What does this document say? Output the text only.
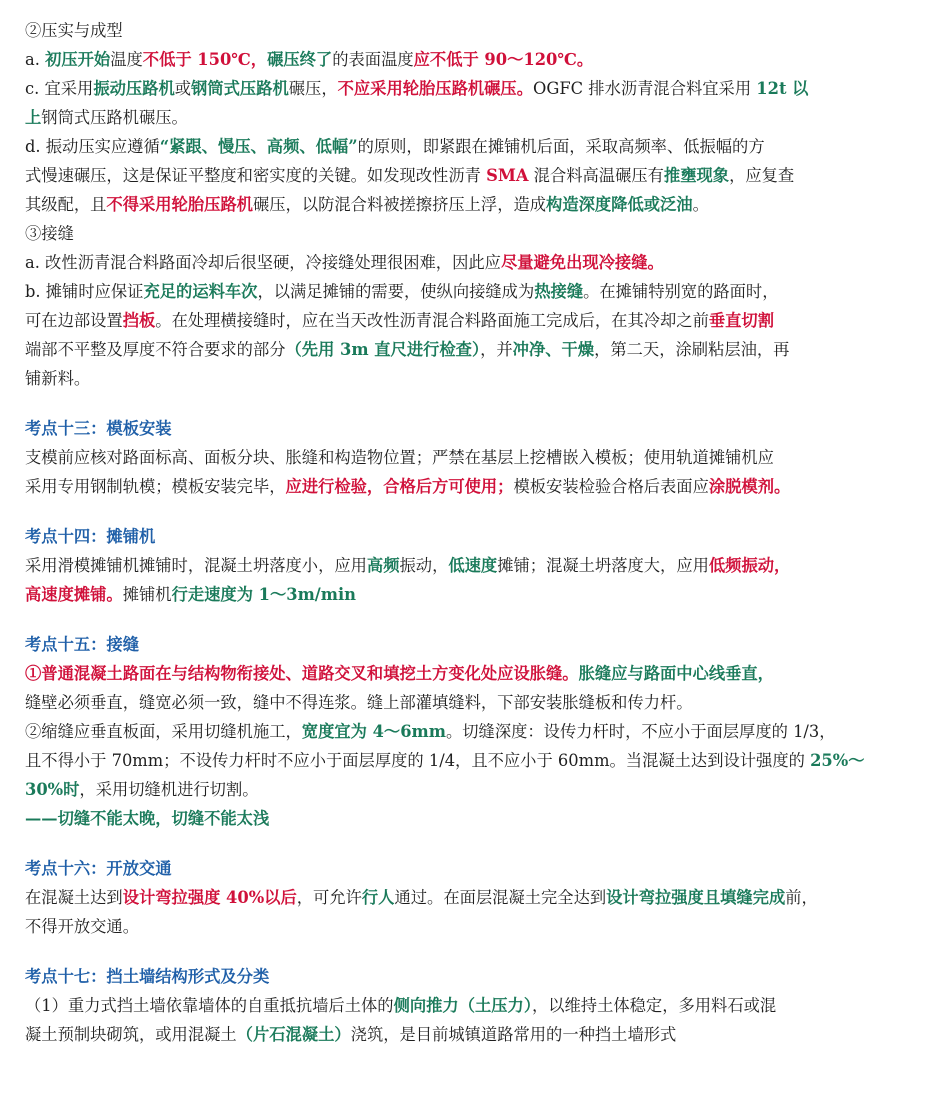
②压实与成型

a. 初压开始温度不低于 150℃，碾压终了的表面温度应不低于 90～120℃。

c. 宜采用振动压路机或钢筒式压路机碾压，不应采用轮胎压路机碾压。OGFC 排水沥青混合料宜采用 12t 以

上钢筒式压路机碾压。

d. 振动压实应遵循“紧跟、慢压、高频、低幅”的原则，即紧跟在摊铺机后面，采取高频率、低振幅的方

式慢速碾压，这是保证平整度和密实度的关键。如发现改性沥青 SMA 混合料高温碾压有推壅现象，应复查

其级配，且不得采用轮胎压路机碾压，以防混合料被搓擦挤压上浮，造成构造深度降低或泛油。

③接缝

a. 改性沥青混合料路面冷却后很坚硬，冷接缝处理很困难，因此应尽量避免出现冷接缝。

b. 摊铺时应保证充足的运料车次，以满足摊铺的需要，使纵向接缝成为热接缝。在摊铺特别宽的路面时，

可在边部设置挡板。在处理横接缝时，应在当天改性沥青混合料路面施工完成后，在其冷却之前垂直切割

端部不平整及厚度不符合要求的部分（先用 3m 直尺进行检查），并冲净、干燥，第二天，涂刷粘层油，再

铺新料。

考点十三：模板安装

支模前应核对路面标高、面板分块、胀缝和构造物位置；严禁在基层上挖槽嵌入模板；使用轨道摊铺机应

采用专用钢制轨模；模板安装完毕，应进行检验，合格后方可使用；模板安装检验合格后表面应涂脱模剂。

考点十四：摊铺机

采用滑模摊铺机摊铺时，混凝土坍落度小，应用高频振动，低速度摊铺；混凝土坍落度大，应用低频振动，

高速度摊铺。摊铺机行走速度为 1～3m/min

考点十五：接缝

①普通混凝土路面在与结构物衔接处、道路交叉和填挖土方变化处应设胀缝。胀缝应与路面中心线垂直，

缝壁必须垂直，缝宽必须一致，缝中不得连浆。缝上部灌填缝料，下部安装胀缝板和传力杆。

②缩缝应垂直板面，采用切缝机施工，宽度宜为 4～6mm。切缝深度：设传力杆时，不应小于面层厚度的 1/3，

且不得小于 70mm；不设传力杆时不应小于面层厚度的 1/4，且不应小于 60mm。当混凝土达到设计强度的 25%～

30%时，采用切缝机进行切割。

——切缝不能太晚，切缝不能太浅

考点十六：开放交通

在混凝土达到设计弯拉强度 40%以后，可允许行人通过。在面层混凝土完全达到设计弯拉强度且填缝完成前，

不得开放交通。

考点十七：挡土墙结构形式及分类

（1）重力式挡土墙依靠墙体的自重抵抗墙后土体的侧向推力（土压力），以维持土体稳定，多用料石或混

凝土预制块砌筑，或用混凝土（片石混凝土）浇筑，是目前城镇道路常用的一种挡土墙形式
